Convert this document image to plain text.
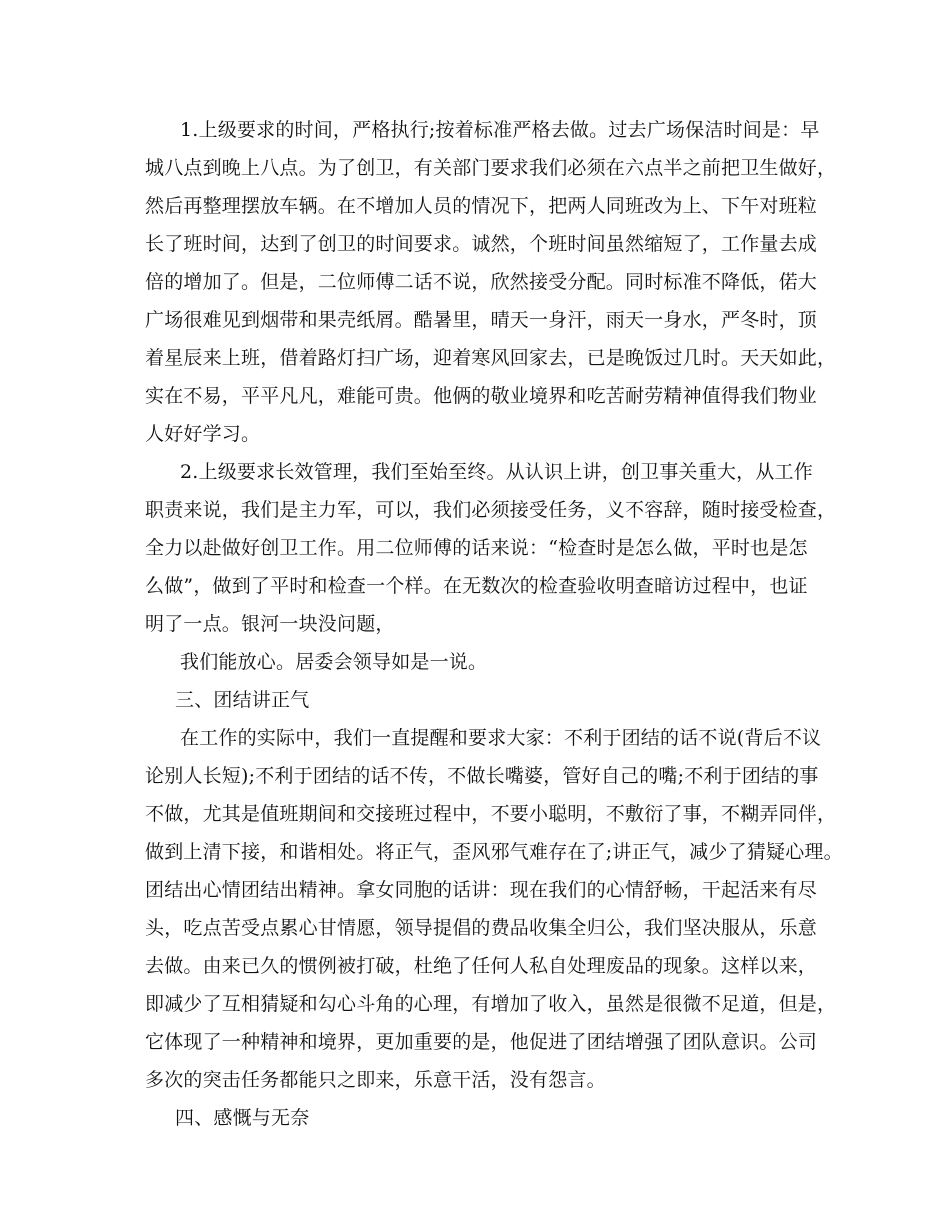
1.上级要求的时间，严格执行;按着标准严格去做。过去广场保洁时间是：早
城八点到晚上八点。为了创卫，有关部门要求我们必须在六点半之前把卫生做好，
然后再整理摆放车辆。在不增加人员的情况下，把两人同班改为上、下午对班粒
长了班时间，达到了创卫的时间要求。诚然，个班时间虽然缩短了，工作量去成
倍的增加了。但是，二位师傅二话不说，欣然接受分配。同时标准不降低，偌大
广场很难见到烟带和果壳纸屑。酷暑里，晴天一身汗，雨天一身水，严冬时，顶
着星辰来上班，借着路灯扫广场，迎着寒风回家去，已是晚饭过几时。天天如此，
实在不易，平平凡凡，难能可贵。他俩的敬业境界和吃苦耐劳精神值得我们物业
人好好学习。
2.上级要求长效管理，我们至始至终。从认识上讲，创卫事关重大，从工作
职责来说，我们是主力军，可以，我们必须接受任务，义不容辞，随时接受检查，
全力以赴做好创卫工作。用二位师傅的话来说：“检查时是怎么做，平时也是怎
么做”，做到了平时和检查一个样。在无数次的检查验收明查暗访过程中，也证
明了一点。银河一块没问题，
我们能放心。居委会领导如是一说。
三、团结讲正气
在工作的实际中，我们一直提醒和要求大家：不利于团结的话不说(背后不议
论别人长短);不利于团结的话不传，不做长嘴婆，管好自己的嘴;不利于团结的事
不做，尤其是值班期间和交接班过程中，不要小聪明，不敷衍了事，不糊弄同伴，
做到上清下接，和谐相处。将正气，歪风邪气难存在了;讲正气，减少了猜疑心理。
团结出心情团结出精神。拿女同胞的话讲：现在我们的心情舒畅，干起活来有尽
头，吃点苦受点累心甘情愿，领导提倡的费品收集全归公，我们坚决服从，乐意
去做。由来已久的惯例被打破，杜绝了任何人私自处理废品的现象。这样以来，
即减少了互相猜疑和勾心斗角的心理，有增加了收入，虽然是很微不足道，但是，
它体现了一种精神和境界，更加重要的是，他促进了团结增强了团队意识。公司
多次的突击任务都能只之即来，乐意干活，没有怨言。
四、感慨与无奈
